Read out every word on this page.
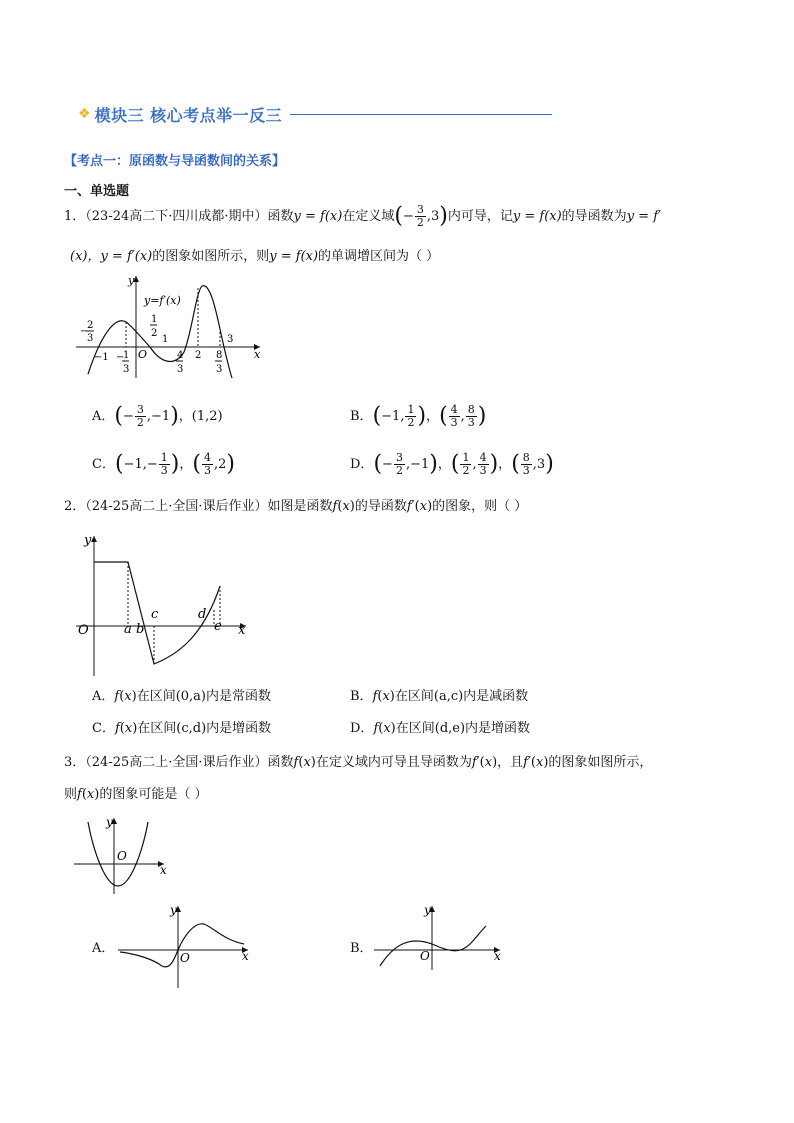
❖ 模块三 核心考点举一反三
【考点一：原函数与导函数间的关系】
一、单选题
1．（23-24高二下·四川成都·期中）函数y = f(x)在定义域(− $\frac{3}{2} ,3$)内可导，记y = f(x)的导函数为y = f′
(x)，y = f′(x)的图象如图所示，则y = f(x)的单调增区间为（ ）
y=f′(x)
y
x
O
−
2
3
−1 −
1
3
1
2
1
4
3
2 8
3
3
A．(− $\frac{3}{2} ,-1$)，(1,2)	B．(−1, $\frac{1}{2}$ )，( $\frac{4}{3}$ , $\frac{8}{3}$ )
C．($-1,- \frac{1}{3}$ )，( $\frac{4}{3} ,2$)	D．(− $\frac{3}{2} ,-1$)，( $\frac{1}{2}$ , $\frac{4}{3}$ )，( $\frac{8}{3} ,3$)
2．（24-25高二上·全国·课后作业）如图是函数f(x)的导函数f′(x)的图象，则（ ）
y
x
O	a b
c	d
e
A．f(x)在区间(0,a)内是常函数	B．f(x)在区间(a,c)内是减函数
C．f(x)在区间(c,d)内是增函数	D．f(x)在区间(d,e)内是增函数
3．（24-25高二上·全国·课后作业）函数f(x)在定义域内可导且导函数为f′(x)，且f′(x)的图象如图所示，
则f(x)的图象可能是（ ）
y
x
O
A．
y
x
O
B．
y
x
O
